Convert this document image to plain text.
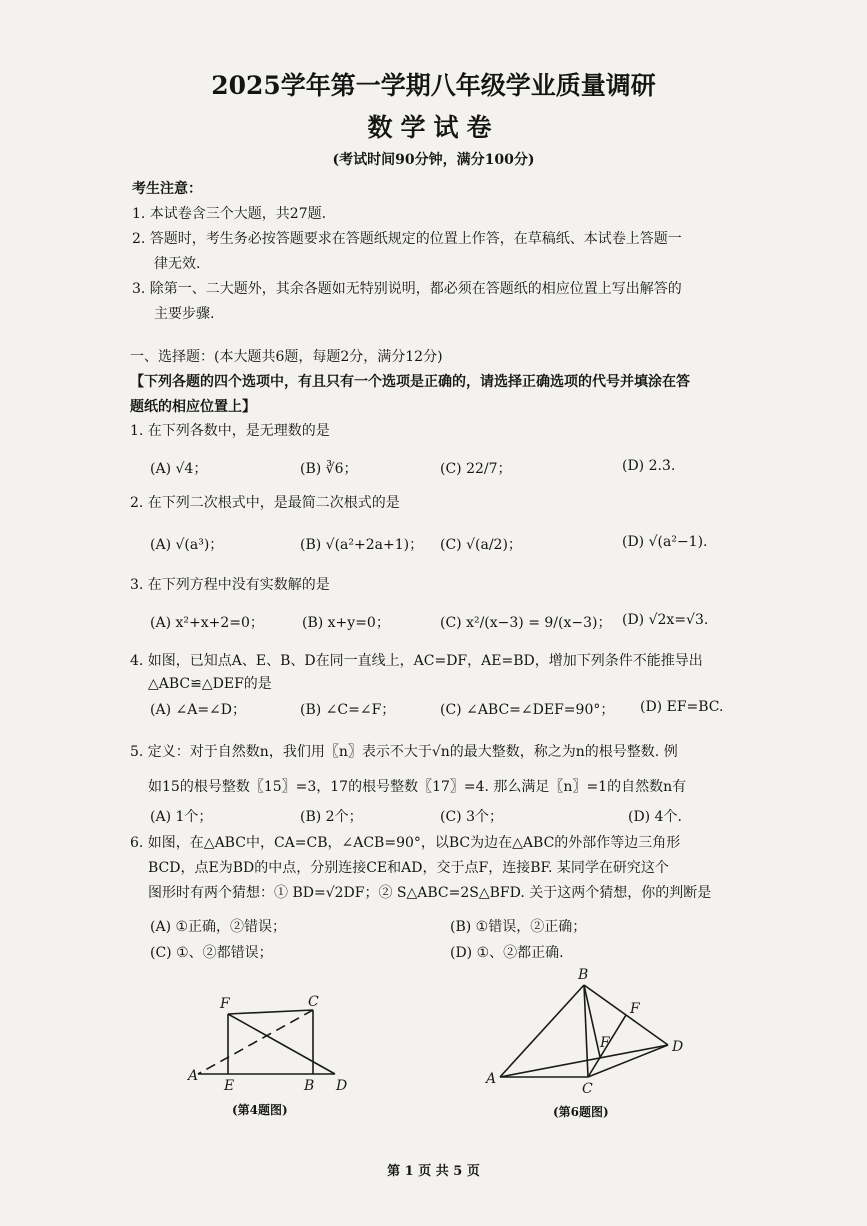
2025学年第一学期八年级学业质量调研
数学试卷
(考试时间90分钟，满分100分)
考生注意：
1. 本试卷含三个大题，共27题.
2. 答题时，考生务必按答题要求在答题纸规定的位置上作答，在草稿纸、本试卷上答题一
律无效.
3. 除第一、二大题外，其余各题如无特别说明，都必须在答题纸的相应位置上写出解答的
主要步骤.
一、选择题：(本大题共6题，每题2分，满分12分)
【下列各题的四个选项中，有且只有一个选项是正确的，请选择正确选项的代号并填涂在答
题纸的相应位置上】
1. 在下列各数中，是无理数的是
(A) √4；	(B) ∛6；	(C) 22/7；	(D) 2.3̇.
2. 在下列二次根式中，是最简二次根式的是
(A) √(a³)；	(B) √(a²+2a+1)； (C) √(a/2)；	(D) √(a²−1).
3. 在下列方程中没有实数解的是
(A) x²+x+2=0；	(B) x+y=0；	(C) x²/(x−3) = 9/(x−3)； (D) √2x=√3.
4. 如图，已知点A、E、B、D在同一直线上，AC=DF，AE=BD，增加下列条件不能推导出
△ABC≌△DEF的是
(A) ∠A=∠D；	(B) ∠C=∠F；	(C) ∠ABC=∠DEF=90°； (D) EF=BC.
5. 定义：对于自然数n，我们用〖n〗表示不大于√n的最大整数，称之为n的根号整数. 例
如15的根号整数〖15〗=3，17的根号整数〖17〗=4. 那么满足〖n〗=1的自然数n有
(A) 1个；	(B) 2个；	(C) 3个；	(D) 4个.
6. 如图，在△ABC中，CA=CB，∠ACB=90°，以BC为边在△ABC的外部作等边三角形
BCD，点E为BD的中点，分别连接CE和AD，交于点F，连接BF. 某同学在研究这个
图形时有两个猜想：① BD=√2DF；② S△ABC=2S△BFD. 关于这两个猜想，你的判断是
(A) ①正确，②错误；	(B) ①错误，②正确；
(C) ①、②都错误；	(D) ①、②都正确.
F	C
A
E	B D
(第4题图)
B
F
F	D
A
C
(第6题图)
第 1 页 共 5 页
